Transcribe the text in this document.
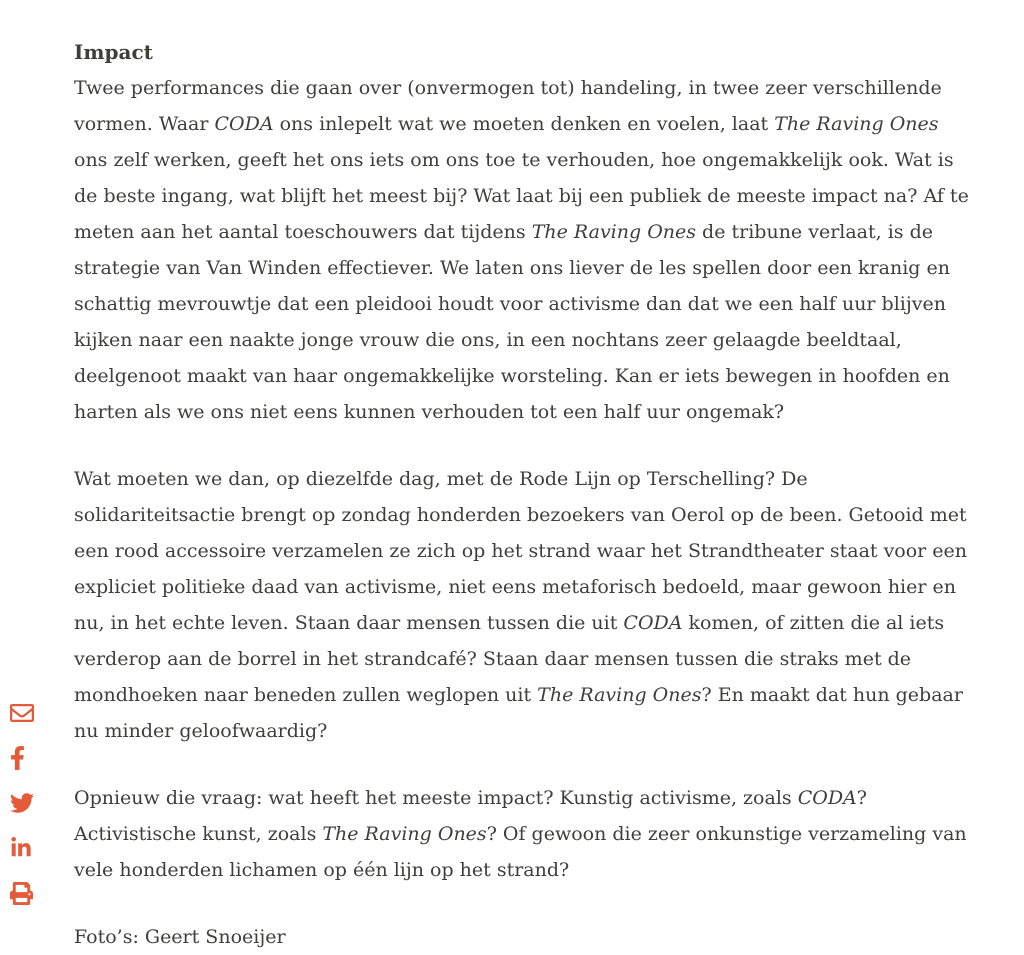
Impact

Twee performances die gaan over (onvermogen tot) handeling, in twee zeer verschillende vormen. Waar CODA ons inlepelt wat we moeten denken en voelen, laat The Raving Ones ons zelf werken, geeft het ons iets om ons toe te verhouden, hoe ongemakkelijk ook. Wat is de beste ingang, wat blijft het meest bij? Wat laat bij een publiek de meeste impact na? Af te meten aan het aantal toeschouwers dat tijdens The Raving Ones de tribune verlaat, is de strategie van Van Winden effectiever. We laten ons liever de les spellen door een kranig en schattig mevrouwtje dat een pleidooi houdt voor activisme dan dat we een half uur blijven kijken naar een naakte jonge vrouw die ons, in een nochtans zeer gelaagde beeldtaal, deelgenoot maakt van haar ongemakkelijke worsteling. Kan er iets bewegen in hoofden en harten als we ons niet eens kunnen verhouden tot een half uur ongemak?

Wat moeten we dan, op diezelfde dag, met de Rode Lijn op Terschelling? De solidariteitsactie brengt op zondag honderden bezoekers van Oerol op de been. Getooid met een rood accessoire verzamelen ze zich op het strand waar het Strandtheater staat voor een expliciet politieke daad van activisme, niet eens metaforisch bedoeld, maar gewoon hier en nu, in het echte leven. Staan daar mensen tussen die uit CODA komen, of zitten die al iets verderop aan de borrel in het strandcafé? Staan daar mensen tussen die straks met de mondhoeken naar beneden zullen weglopen uit The Raving Ones? En maakt dat hun gebaar nu minder geloofwaardig?

Opnieuw die vraag: wat heeft het meeste impact? Kunstig activisme, zoals CODA? Activistische kunst, zoals The Raving Ones? Of gewoon die zeer onkunstige verzameling van vele honderden lichamen op één lijn op het strand?

Foto’s: Geert Snoeijer
